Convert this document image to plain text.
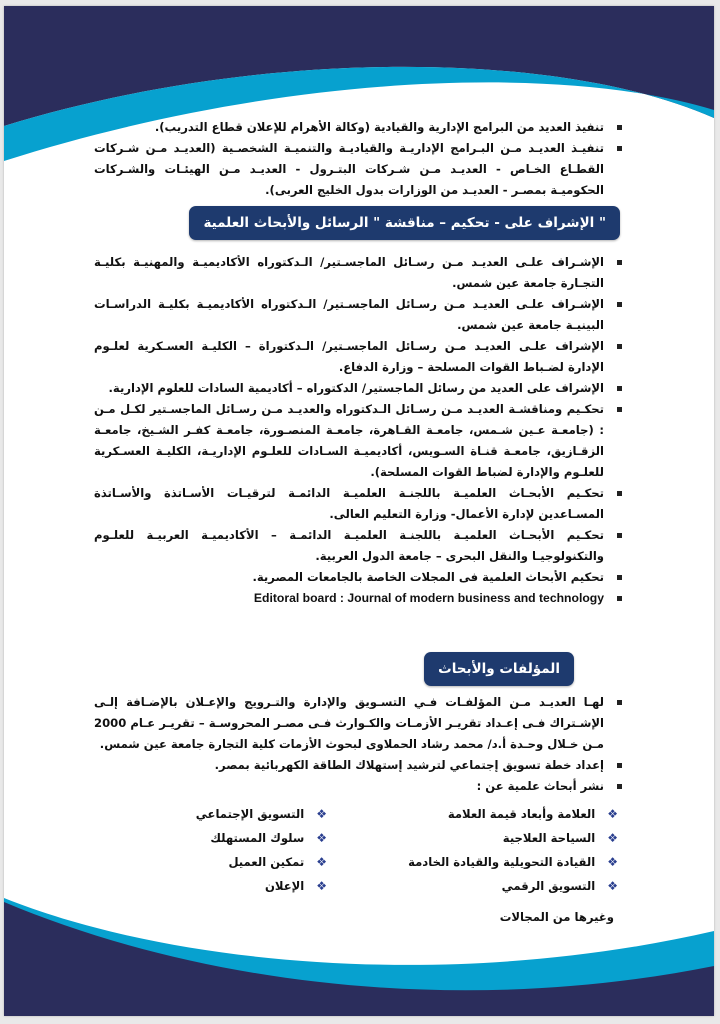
تنفيذ العديد من البرامج الإدارية والقيادية (وكالة الأهرام للإعلان قطاع التدريب).
تنفيـذ العديـد مـن البـرامج الإداريـة والقياديـة والتنميـة الشخصـية (العديـد مـن شـركات القطـاع الخـاص - العديـد مـن شـركات البتـرول - العديـد مـن الهيئـات والشـركات الحكوميـة بمصـر - العديـد من الوزارات بدول الخليج العربى).
" الإشراف على - تحكيم – مناقشة " الرسائل والأبحاث العلمية
الإشـراف علـى العديـد مـن رسـائل الماجسـتير/ الـدكتوراه الأكاديميـة والمهنيـة بكليـة التجـارة جامعة عين شمس.
الإشـراف علـى العديـد مـن رسـائل الماجسـتير/ الـدكتوراه الأكاديميـة بكليـة الدراسـات البينيـة جامعة عين شمس.
الإشراف علـى العديـد مـن رسـائل الماجسـتير/ الـدكتوراة – الكليـة العسـكرية لعلـوم الإدارة لضـباط القوات المسلحة – وزارة الدفاع.
الإشراف على العديد من رسائل الماجستير/ الدكتوراه – أكاديمية السادات للعلوم الإدارية.
تحكـيم ومناقشـة العديـد مـن رسـائل الـدكتوراه والعديـد مـن رسـائل الماجسـتير لكـل مـن : (جامعـة عـين شـمس، جامعـة القـاهرة، جامعـة المنصـورة، جامعـة كفـر الشـيخ، جامعـة الزقـازيق، جامعـة قنـاة السـويس، أكاديميـة السـادات للعلـوم الإداريـة، الكليـة العسـكرية للعلـوم والإدارة لضباط القوات المسلحة).
تحكـيم الأبحـاث العلميـة باللجنـة العلميـة الدائمـة لترقيـات الأسـاتذة والأسـاتذة المسـاعدين لإدارة الأعمال- وزارة التعليم العالى.
تحكـيم الأبحـاث العلميـة باللجنـة العلميـة الدائمـة – الأكاديميـة العربيـة للعلـوم والتكنولوجيـا والنقل البحرى – جامعة الدول العربية.
تحكيم الأبحاث العلمية فى المجلات الخاصة بالجامعات المصرية.
Editoral board : Journal of modern business and technology
المؤلفات والأبحاث
لهـا العديـد مـن المؤلفـات فـي التسـويق والإدارة والتـرويج والإعـلان بالإضـافة إلـى الإشـتراك فـى إعـداد تقريـر الأزمـات والكـوارث فـى مصـر المحروسـة – تقريـر عـام 2000 مـن خـلال وحـدة أ.د/ محمد رشاد الحملاوى لبحوث الأزمات كلية التجارة جامعة عين شمس.
إعداد خطة تسويق إجتماعي لترشيد إستهلاك الطاقة الكهربائية بمصر.
نشر أبحاث علمية عن :
❖العلامة وأبعاد قيمة العلامة
❖السياحة العلاجية
❖القيادة التحويلية والقيادة الخادمة
❖التسويق الرقمي
❖التسويق الإجتماعي
❖سلوك المستهلك
❖تمكين العميل
❖الإعلان
وغيرها من المجالات
